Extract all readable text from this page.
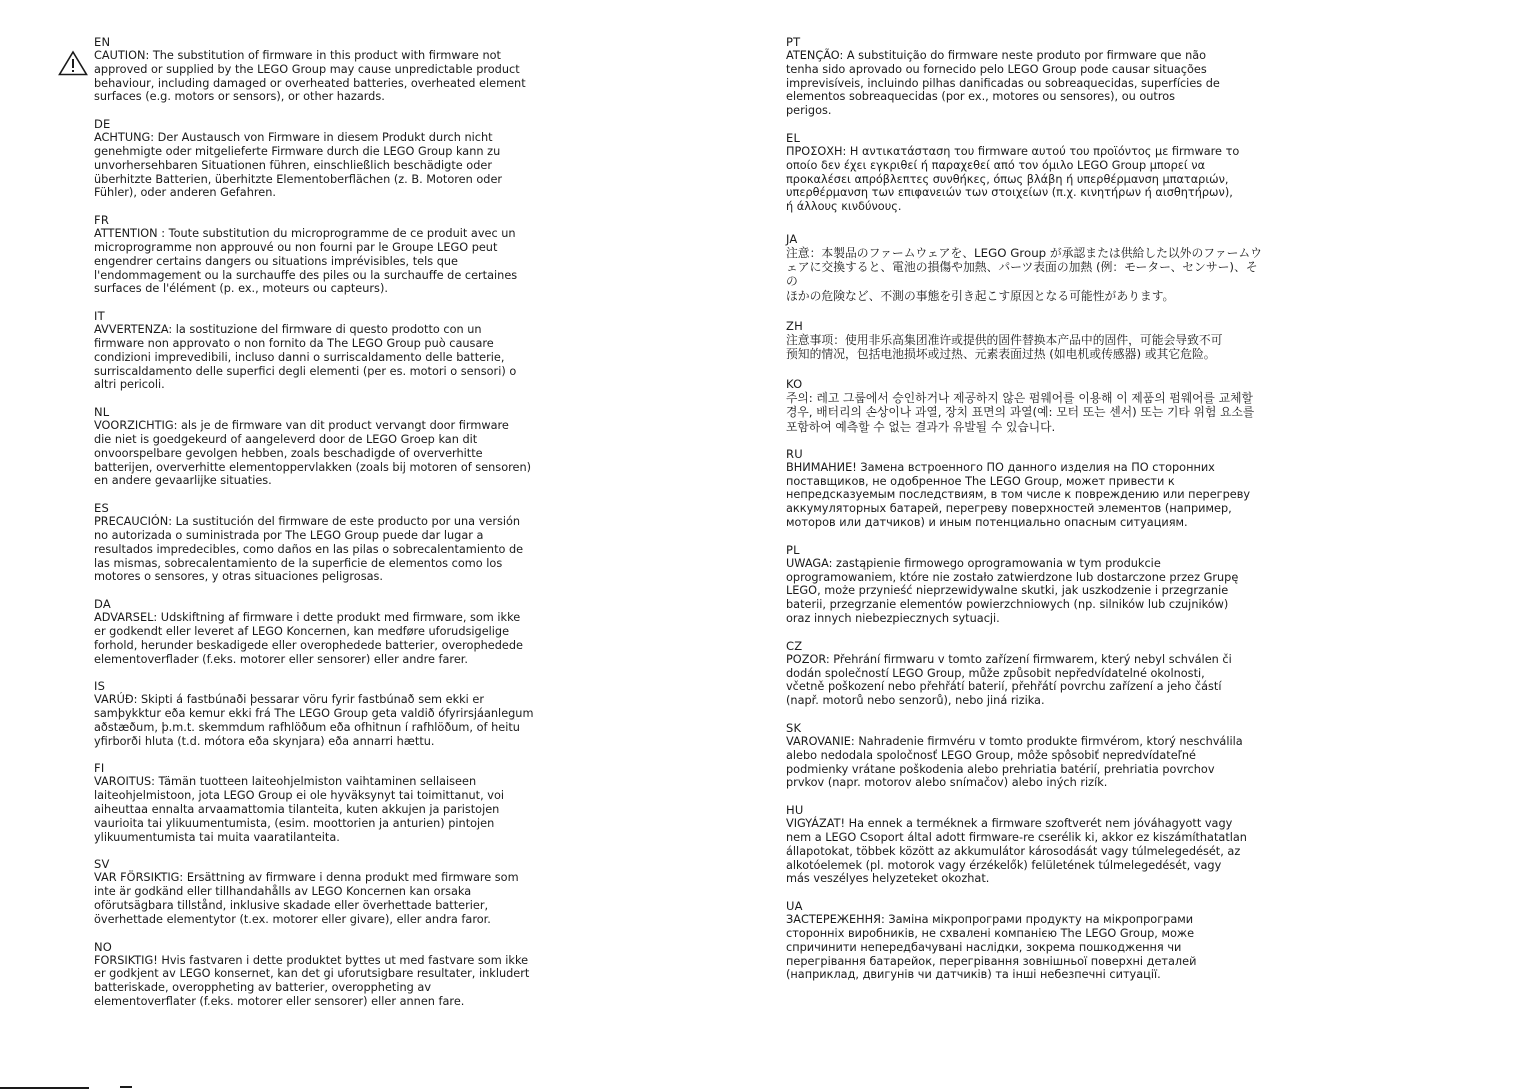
EN

CAUTION: The substitution of firmware in this product with firmware not
approved or supplied by the LEGO Group may cause unpredictable product
behaviour, including damaged or overheated batteries, overheated element
surfaces (e.g. motors or sensors), or other hazards.

DE

ACHTUNG: Der Austausch von Firmware in diesem Produkt durch nicht
genehmigte oder mitgelieferte Firmware durch die LEGO Group kann zu
unvorhersehbaren Situationen führen, einschließlich beschädigte oder
überhitzte Batterien, überhitzte Elementoberflächen (z. B. Motoren oder
Fühler), oder anderen Gefahren.

FR

ATTENTION : Toute substitution du microprogramme de ce produit avec un
microprogramme non approuvé ou non fourni par le Groupe LEGO peut
engendrer certains dangers ou situations imprévisibles, tels que
l'endommagement ou la surchauffe des piles ou la surchauffe de certaines
surfaces de l'élément (p. ex., moteurs ou capteurs).

IT

AVVERTENZA: la sostituzione del firmware di questo prodotto con un
firmware non approvato o non fornito da The LEGO Group può causare
condizioni imprevedibili, incluso danni o surriscaldamento delle batterie,
surriscaldamento delle superfici degli elementi (per es. motori o sensori) o
altri pericoli.

NL

VOORZICHTIG: als je de firmware van dit product vervangt door firmware
die niet is goedgekeurd of aangeleverd door de LEGO Groep kan dit
onvoorspelbare gevolgen hebben, zoals beschadigde of oververhitte
batterijen, oververhitte elementoppervlakken (zoals bij motoren of sensoren)
en andere gevaarlijke situaties.

ES

PRECAUCIÓN: La sustitución del firmware de este producto por una versión
no autorizada o suministrada por The LEGO Group puede dar lugar a
resultados impredecibles, como daños en las pilas o sobrecalentamiento de
las mismas, sobrecalentamiento de la superficie de elementos como los
motores o sensores, y otras situaciones peligrosas.

DA

ADVARSEL: Udskiftning af firmware i dette produkt med firmware, som ikke
er godkendt eller leveret af LEGO Koncernen, kan medføre uforudsigelige
forhold, herunder beskadigede eller overophedede batterier, overophedede
elementoverflader (f.eks. motorer eller sensorer) eller andre farer.

IS

VARÚÐ: Skipti á fastbúnaði þessarar vöru fyrir fastbúnað sem ekki er
samþykktur eða kemur ekki frá The LEGO Group geta valdið ófyrirsjáanlegum
aðstæðum, þ.m.t. skemmdum rafhlöðum eða ofhitnun í rafhlöðum, of heitu
yfirborði hluta (t.d. mótora eða skynjara) eða annarri hættu.

FI

VAROITUS: Tämän tuotteen laiteohjelmiston vaihtaminen sellaiseen
laiteohjelmistoon, jota LEGO Group ei ole hyväksynyt tai toimittanut, voi
aiheuttaa ennalta arvaamattomia tilanteita, kuten akkujen ja paristojen
vaurioita tai ylikuumentumista, (esim. moottorien ja anturien) pintojen
ylikuumentumista tai muita vaaratilanteita.

SV

VAR FÖRSIKTIG: Ersättning av firmware i denna produkt med firmware som
inte är godkänd eller tillhandahålls av LEGO Koncernen kan orsaka
oförutsägbara tillstånd, inklusive skadade eller överhettade batterier,
överhettade elementytor (t.ex. motorer eller givare), eller andra faror.

NO

FORSIKTIG! Hvis fastvaren i dette produktet byttes ut med fastvare som ikke
er godkjent av LEGO konsernet, kan det gi uforutsigbare resultater, inkludert
batteriskade, overoppheting av batterier, overoppheting av
elementoverflater (f.eks. motorer eller sensorer) eller annen fare.

PT

ATENÇÃO: A substituição do firmware neste produto por firmware que não
tenha sido aprovado ou fornecido pelo LEGO Group pode causar situações
imprevisíveis, incluindo pilhas danificadas ou sobreaquecidas, superfícies de
elementos sobreaquecidas (por ex., motores ou sensores), ou outros
perigos.

EL

ΠΡΟΣΟΧΗ: Η αντικατάσταση του firmware αυτού του προϊόντος με firmware το
οποίο δεν έχει εγκριθεί ή παραχεθεί από τον όμιλο LEGO Group μπορεί να
προκαλέσει απρόβλεπτες συνθήκες, όπως βλάβη ή υπερθέρμανση μπαταριών,
υπερθέρμανση των επιφανειών των στοιχείων (π.χ. κινητήρων ή αισθητήρων),
ή άλλους κινδύνους.

JA

注意：本製品のファームウェアを、LEGO Group が承認または供給した以外のファームウ
ェアに交換すると、電池の損傷や加熱、パーツ表面の加熱 (例：モーター、センサー)、その
ほかの危険など、不測の事態を引き起こす原因となる可能性があります。

ZH

注意事项：使用非乐高集团准许或提供的固件替换本产品中的固件，可能会导致不可
预知的情况，包括电池损坏或过热、元素表面过热 (如电机或传感器) 或其它危险。

KO

주의: 레고 그룹에서 승인하거나 제공하지 않은 펌웨어를 이용해 이 제품의 펌웨어를 교체할
경우, 배터리의 손상이나 과열, 장치 표면의 과열(예: 모터 또는 센서) 또는 기타 위험 요소를
포함하여 예측할 수 없는 결과가 유발될 수 있습니다.

RU

ВНИМАНИЕ! Замена встроенного ПО данного изделия на ПО сторонних
поставщиков, не одобренное The LEGO Group, может привести к
непредсказуемым последствиям, в том числе к повреждению или перегреву
аккумуляторных батарей, перегреву поверхностей элементов (например,
моторов или датчиков) и иным потенциально опасным ситуациям.

PL

UWAGA: zastąpienie firmowego oprogramowania w tym produkcie
oprogramowaniem, które nie zostało zatwierdzone lub dostarczone przez Grupę
LEGO, może przynieść nieprzewidywalne skutki, jak uszkodzenie i przegrzanie
baterii, przegrzanie elementów powierzchniowych (np. silników lub czujników)
oraz innych niebezpiecznych sytuacji.

CZ

POZOR: Přehrání firmwaru v tomto zařízení firmwarem, který nebyl schválen či
dodán společností LEGO Group, může způsobit nepředvídatelné okolnosti,
včetně poškození nebo přehřátí baterií, přehřátí povrchu zařízení a jeho částí
(např. motorů nebo senzorů), nebo jiná rizika.

SK

VAROVANIE: Nahradenie firmvéru v tomto produkte firmvérom, ktorý neschválila
alebo nedodala spoločnosť LEGO Group, môže spôsobiť nepredvídateľné
podmienky vrátane poškodenia alebo prehriatia batérií, prehriatia povrchov
prvkov (napr. motorov alebo snímačov) alebo iných rizík.

HU

VIGYÁZAT! Ha ennek a terméknek a firmware szoftverét nem jóváhagyott vagy
nem a LEGO Csoport által adott firmware-re cserélik ki, akkor ez kiszámíthatatlan
állapotokat, többek között az akkumulátor károsodását vagy túlmelegedését, az
alkotóelemek (pl. motorok vagy érzékelők) felületének túlmelegedését, vagy
más veszélyes helyzeteket okozhat.

UA

ЗАСТЕРЕЖЕННЯ: Заміна мікропрограми продукту на мікропрограми
сторонніх виробників, не схвалені компанією The LEGO Group, може
спричинити непередбачувані наслідки, зокрема пошкодження чи
перегрівання батарейок, перегрівання зовнішньої поверхні деталей
(наприклад, двигунів чи датчиків) та інші небезпечні ситуації.
